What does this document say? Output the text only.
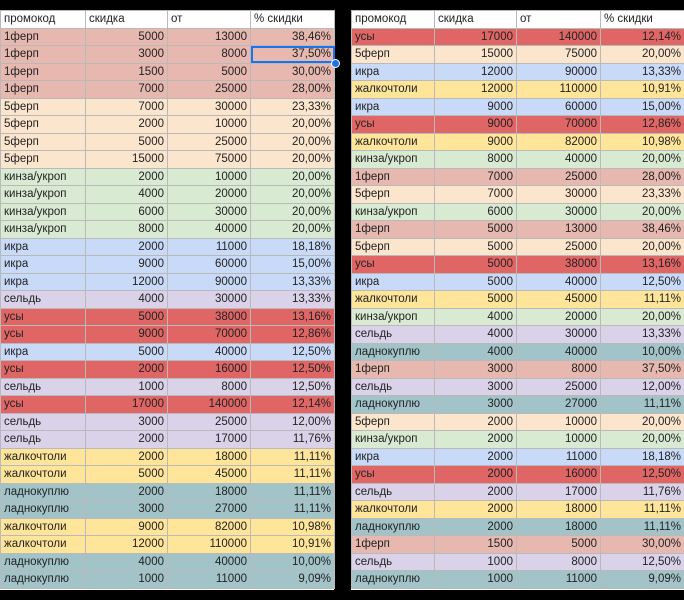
промокод	скидка	от	% скидки
1ферп	5000	13000	38,46%
1ферп	3000	8000	37,50%
1ферп	1500	5000	30,00%
1ферп	7000	25000	28,00%
5ферп	7000	30000	23,33%
5ферп	2000	10000	20,00%
5ферп	5000	25000	20,00%
5ферп	15000	75000	20,00%
кинза/укроп	2000	10000	20,00%
кинза/укроп	4000	20000	20,00%
кинза/укроп	6000	30000	20,00%
кинза/укроп	8000	40000	20,00%
икра	2000	11000	18,18%
икра	9000	60000	15,00%
икра	12000	90000	13,33%
сельдь	4000	30000	13,33%
усы	5000	38000	13,16%
усы	9000	70000	12,86%
икра	5000	40000	12,50%
усы	2000	16000	12,50%
сельдь	1000	8000	12,50%
усы	17000	140000	12,14%
сельдь	3000	25000	12,00%
сельдь	2000	17000	11,76%
жалкочтоли	2000	18000	11,11%
жалкочтоли	5000	45000	11,11%
ладнокуплю	2000	18000	11,11%
ладнокуплю	3000	27000	11,11%
жалкочтоли	9000	82000	10,98%
жалкочтоли	12000	110000	10,91%
ладнокуплю	4000	40000	10,00%
ладнокуплю	1000	11000	9,09%
промокод	скидка	от	% скидки
усы	17000	140000	12,14%
5ферп	15000	75000	20,00%
икра	12000	90000	13,33%
жалкочтоли	12000	110000	10,91%
икра	9000	60000	15,00%
усы	9000	70000	12,86%
жалкочтоли	9000	82000	10,98%
кинза/укроп	8000	40000	20,00%
1ферп	7000	25000	28,00%
5ферп	7000	30000	23,33%
кинза/укроп	6000	30000	20,00%
1ферп	5000	13000	38,46%
5ферп	5000	25000	20,00%
усы	5000	38000	13,16%
икра	5000	40000	12,50%
жалкочтоли	5000	45000	11,11%
кинза/укроп	4000	20000	20,00%
сельдь	4000	30000	13,33%
ладнокуплю	4000	40000	10,00%
1ферп	3000	8000	37,50%
сельдь	3000	25000	12,00%
ладнокуплю	3000	27000	11,11%
5ферп	2000	10000	20,00%
кинза/укроп	2000	10000	20,00%
икра	2000	11000	18,18%
усы	2000	16000	12,50%
сельдь	2000	17000	11,76%
жалкочтоли	2000	18000	11,11%
ладнокуплю	2000	18000	11,11%
1ферп	1500	5000	30,00%
сельдь	1000	8000	12,50%
ладнокуплю	1000	11000	9,09%
